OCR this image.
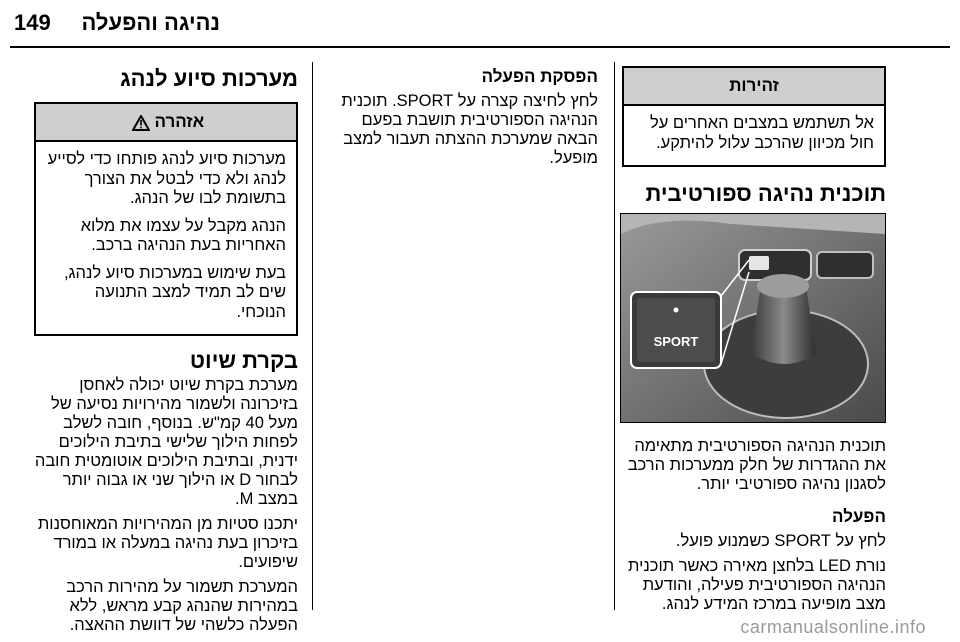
נהיגה והפעלה
149
זהירות

אל תשתמש במצבים האחרים על חול מכיוון שהרכב עלול להיתקע.

תוכנית נהיגה ספורטיבית
SPORT

תוכנית הנהיגה הספורטיבית מתאימה את ההגדרות של חלק ממערכות הרכב לסגנון נהיגה ספורטיבי יותר.

הפעלה

לחץ על SPORT כשמנוע פועל.

נורת LED בלחצן מאירה כאשר תוכנית הנהיגה הספורטיבית פעילה, והודעת מצב מופיעה במרכז המידע לנהג.

הפסקת הפעלה

לחץ לחיצה קצרה על SPORT. תוכנית הנהיגה הספורטיבית תושבת בפעם הבאה שמערכת ההצתה תעבור למצב מופעל.

מערכות סיוע לנהג
אזהרה

מערכות סיוע לנהג פותחו כדי לסייע לנהג ולא כדי לבטל את הצורך בתשומת לבו של הנהג.

הנהג מקבל על עצמו את מלוא האחריות בעת הנהיגה ברכב.

בעת שימוש במערכות סיוע לנהג, שים לב תמיד למצב התנועה הנוכחי.

בקרת שיוט

מערכת בקרת שיוט יכולה לאחסן בזיכרונה ולשמור מהירויות נסיעה של מעל 40 קמ"ש. בנוסף, חובה לשלב לפחות הילוך שלישי בתיבת הילוכים ידנית, ובתיבת הילוכים אוטומטית חובה לבחור D או הילוך שני או גבוה יותר במצב M.

יתכנו סטיות מן המהירויות המאוחסנות בזיכרון בעת נהיגה במעלה או במורד שיפועים.

המערכת תשמור על מהירות הרכב במהירות שהנהג קבע מראש, ללא הפעלה כלשהי של דוושת ההאצה.	carmanualsonline.info
